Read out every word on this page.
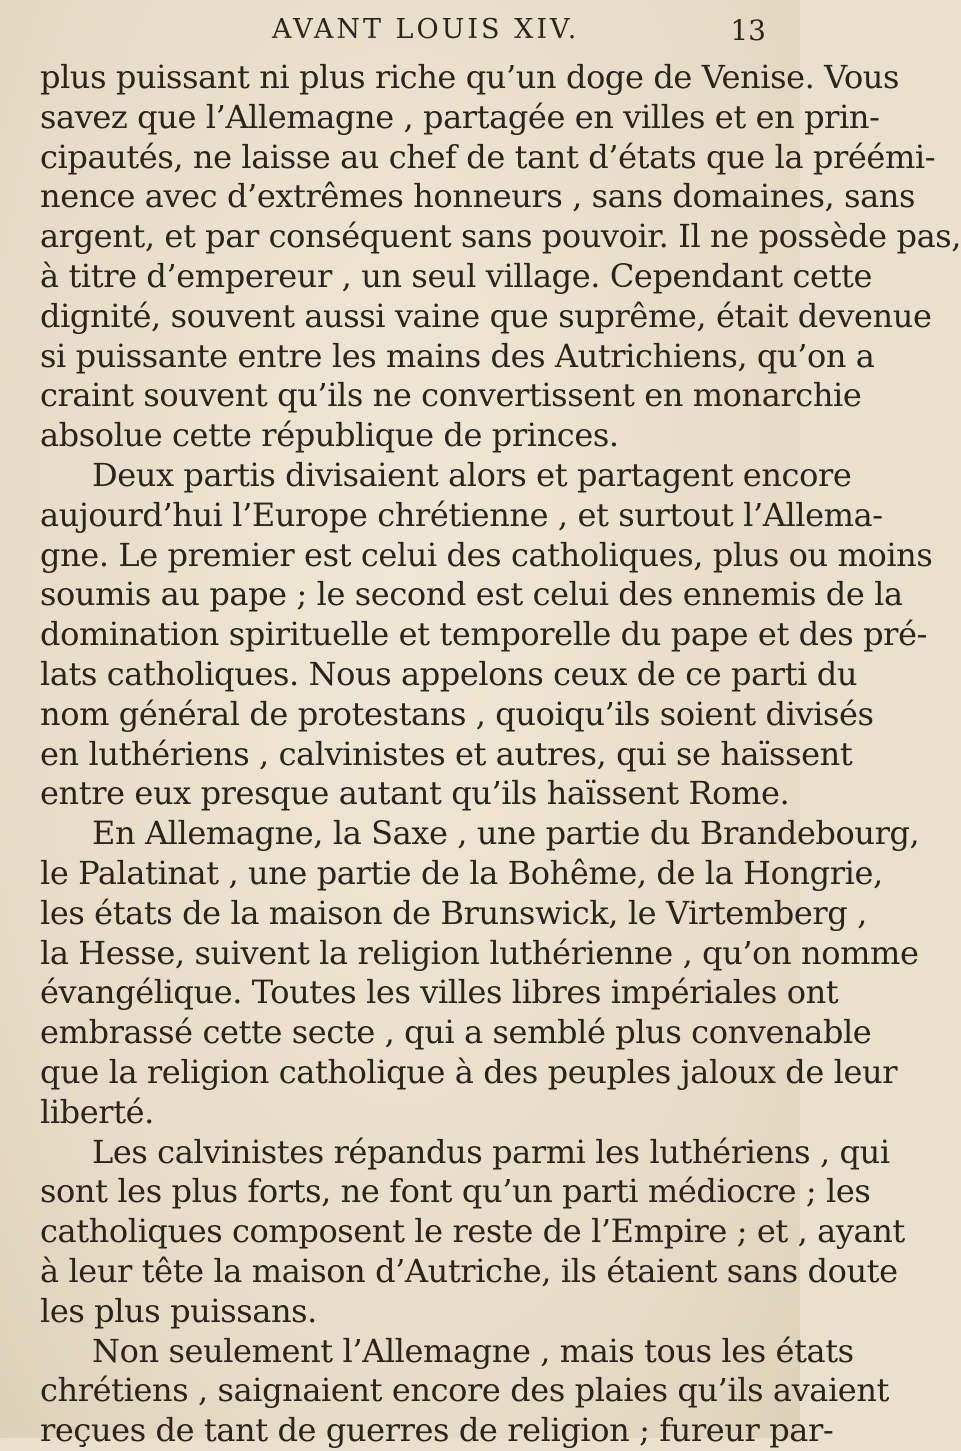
AVANT LOUIS XIV.	13
plus puissant ni plus riche qu’un doge de Venise. Vous
savez que l’Allemagne , partagée en villes et en prin-
cipautés, ne laisse au chef de tant d’états que la préémi-
nence avec d’extrêmes honneurs , sans domaines, sans
argent, et par conséquent sans pouvoir. Il ne possède pas,
à titre d’empereur , un seul village. Cependant cette
dignité, souvent aussi vaine que suprême, était devenue
si puissante entre les mains des Autrichiens, qu’on a
craint souvent qu’ils ne convertissent en monarchie
absolue cette république de princes.
Deux partis divisaient alors et partagent encore
aujourd’hui l’Europe chrétienne , et surtout l’Allema-
gne. Le premier est celui des catholiques, plus ou moins
soumis au pape ; le second est celui des ennemis de la
domination spirituelle et temporelle du pape et des pré-
lats catholiques. Nous appelons ceux de ce parti du
nom général de protestans , quoiqu’ils soient divisés
en luthériens , calvinistes et autres, qui se haïssent
entre eux presque autant qu’ils haïssent Rome.
En Allemagne, la Saxe , une partie du Brandebourg,
le Palatinat , une partie de la Bohême, de la Hongrie,
les états de la maison de Brunswick, le Virtemberg ,
la Hesse, suivent la religion luthérienne , qu’on nomme
évangélique. Toutes les villes libres impériales ont
embrassé cette secte , qui a semblé plus convenable
que la religion catholique à des peuples jaloux de leur
liberté.
Les calvinistes répandus parmi les luthériens , qui
sont les plus forts, ne font qu’un parti médiocre ; les
catholiques composent le reste de l’Empire ; et , ayant
à leur tête la maison d’Autriche, ils étaient sans doute
les plus puissans.
Non seulement l’Allemagne , mais tous les états
chrétiens , saignaient encore des plaies qu’ils avaient
reçues de tant de guerres de religion ; fureur par-
